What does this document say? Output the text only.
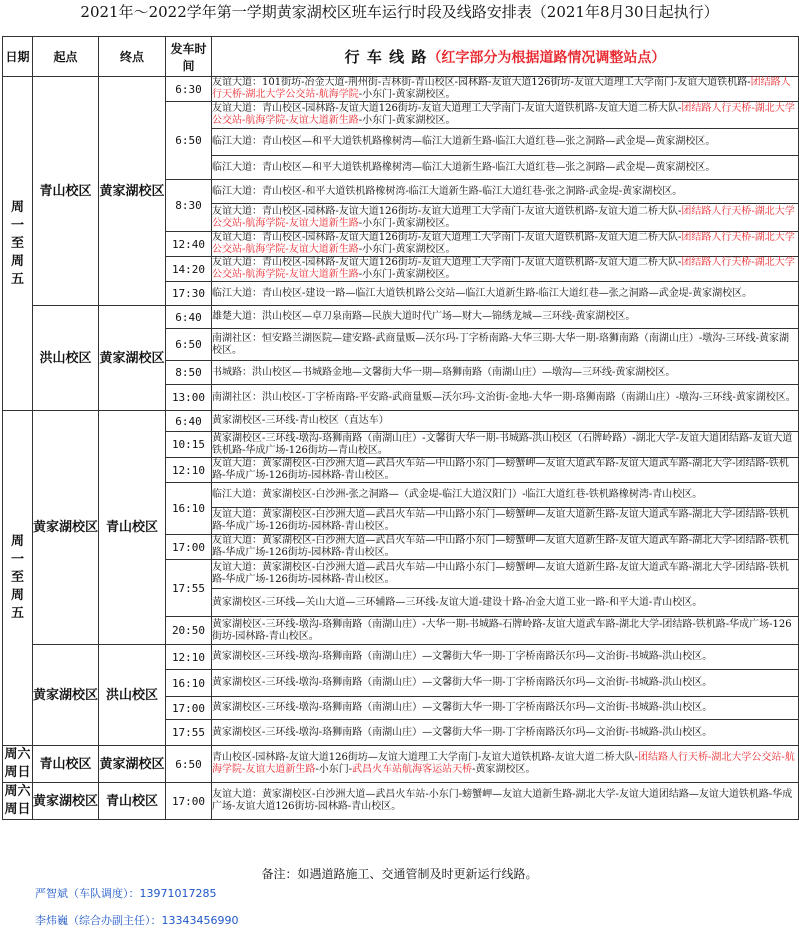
2021年～2022学年第一学期黄家湖校区班车运行时段及线路安排表（2021年8月30日起执行）
日期	起点	终点	发车时间	行 车 线 路（红字部分为根据道路情况调整站点）

周
一
至
周
五	青山校区	黄家湖校区	6:30	友谊大道：101街坊-冶金大道-荆州街-吉林街-青山校区-园林路-友谊大道126街坊-友谊大道理工大学南门-友谊大道铁机路-团结路人行天桥-湖北大学公交站-航海学院-小东门-黄家湖校区。
			6:50	友谊大道：青山校区-园林路-友谊大道126街坊-友谊大道理工大学南门-友谊大道铁机路-友谊大道二桥大队-团结路人行天桥-湖北大学公交站-航海学院-友谊大道新生路-小东门-黄家湖校区。
				临江大道：青山校区—和平大道铁机路橡树湾—临江大道新生路-临江大道红巷—张之洞路—武金堤—黄家湖校区。
				临江大道：青山校区—和平大道铁机路橡树湾—临江大道新生路-临江大道红巷—张之洞路—武金堤—黄家湖校区。
			8:30	临江大道：青山校区-和平大道铁机路橡树湾-临江大道新生路-临江大道红巷-张之洞路-武金堤-黄家湖校区。
				友谊大道：青山校区-园林路-友谊大道126街坊-友谊大道理工大学南门-友谊大道铁机路-友谊大道二桥大队-团结路人行天桥-湖北大学公交站-航海学院-友谊大道新生路-小东门-黄家湖校区。
			12:40	友谊大道：青山校区-园林路-友谊大道126街坊-友谊大道理工大学南门-友谊大道铁机路-友谊大道二桥大队-团结路人行天桥-湖北大学公交站-航海学院-友谊大道新生路-小东门-黄家湖校区。
			14:20	友谊大道：青山校区-园林路-友谊大道126街坊-友谊大道理工大学南门-友谊大道铁机路-友谊大道二桥大队-团结路人行天桥-湖北大学公交站-航海学院-友谊大道新生路-小东门-黄家湖校区。
			17:30	临江大道：青山校区-建设一路—临江大道铁机路公交站—临江大道新生路-临江大道红巷—张之洞路—武金堤-黄家湖校区。
	洪山校区	黄家湖校区	6:40	雄楚大道：洪山校区—卓刀泉南路—民族大道时代广场—财大—锦绣龙城—三环线-黄家湖校区。
			6:50	南湖社区：恒安路兰湖医院—建安路-武商量贩—沃尔玛-丁字桥南路-大华三期-大华一期-珞狮南路（南湖山庄）-墩沟-三环线-黄家湖校区。
			8:50	书城路：洪山校区—书城路金地—文馨街大华一期—珞狮南路（南湖山庄）—墩沟—三环线-黄家湖校区。
			13:00	南湖社区：洪山校区-丁字桥南路-平安路-武商量贩—沃尔玛-文治街-金地-大华一期-珞狮南路（南湖山庄）-墩沟-三环线-黄家湖校区。

周
一
至
周
五	黄家湖校区	青山校区	6:40	黄家湖校区-三环线-青山校区（直达车）
			10:15	黄家湖校区-三环线-墩沟-珞狮南路（南湖山庄）-文馨街大华一期-书城路-洪山校区（石牌岭路）-湖北大学-友谊大道团结路-友谊大道铁机路-华成广场-126街坊—青山校区。
			12:10	友谊大道：黄家湖校区-白沙洲大道—武昌火车站—中山路小东门—螃蟹岬—友谊大道武车路-友谊大道武车路-湖北大学-团结路-铁机路-华成广场-126街坊-园林路-青山校区。
			16:10	临江大道：黄家湖校区-白沙洲-张之洞路—（武金堤-临江大道汉阳门）-临江大道红巷-铁机路橡树湾-青山校区。
				友谊大道：黄家湖校区-白沙洲大道—武昌火车站—中山路小东门—螃蟹岬—友谊大道新生路-友谊大道武车路-湖北大学-团结路-铁机路-华成广场-126街坊-园林路-青山校区。
			17:00	友谊大道：黄家湖校区-白沙洲大道—武昌火车站—中山路小东门—螃蟹岬—友谊大道新生路-友谊大道武车路-湖北大学-团结路-铁机路-华成广场-126街坊-园林路-青山校区。
			17:55	友谊大道：黄家湖校区-白沙洲大道—武昌火车站—中山路小东门—螃蟹岬—友谊大道新生路-友谊大道武车路-湖北大学-团结路-铁机路-华成广场-126街坊-园林路-青山校区。
				黄家湖校区-三环线—关山大道—三环辅路—三环线-友谊大道-建设十路-冶金大道工业一路-和平大道-青山校区。
			20:50	黄家湖校区-三环线-墩沟-珞狮南路（南湖山庄）-大华一期-书城路-石牌岭路-友谊大道武车路-湖北大学-团结路-铁机路-华成广场-126街坊-园林路-青山校区。
	黄家湖校区	洪山校区	12:10	黄家湖校区-三环线-墩沟-珞狮南路（南湖山庄）—文馨街大华一期-丁字桥南路沃尔玛—文治街-书城路-洪山校区。
			16:10	黄家湖校区-三环线-墩沟-珞狮南路（南湖山庄）—文馨街大华一期-丁字桥南路沃尔玛—文治街-书城路-洪山校区。
			17:00	黄家湖校区-三环线-墩沟-珞狮南路（南湖山庄）—文馨街大华一期-丁字桥南路沃尔玛—文治街-书城路-洪山校区。
			17:55	黄家湖校区-三环线-墩沟-珞狮南路（南湖山庄）—文馨街大华一期-丁字桥南路沃尔玛—文治街-书城路-洪山校区。

周六
周日	青山校区	黄家湖校区	6:50	青山校区-园林路-友谊大道126街坊—友谊大道理工大学南门-友谊大道铁机路-友谊大道二桥大队-团结路人行天桥-湖北大学公交站-航海学院-友谊大道新生路-小东门-武昌火车站航海客运站天桥-黄家湖校区。

周六
周日	黄家湖校区	青山校区	17:00	友谊大道：黄家湖校区-白沙洲大道—武昌火车站-小东门-螃蟹岬—友谊大道新生路-湖北大学-友谊大道团结路—友谊大道铁机路-华成广场-友谊大道126街坊-园林路-青山校区。
备注：如遇道路施工、交通管制及时更新运行线路。
严智斌（车队调度）：13971017285
李炜巍（综合办副主任）：13343456990
